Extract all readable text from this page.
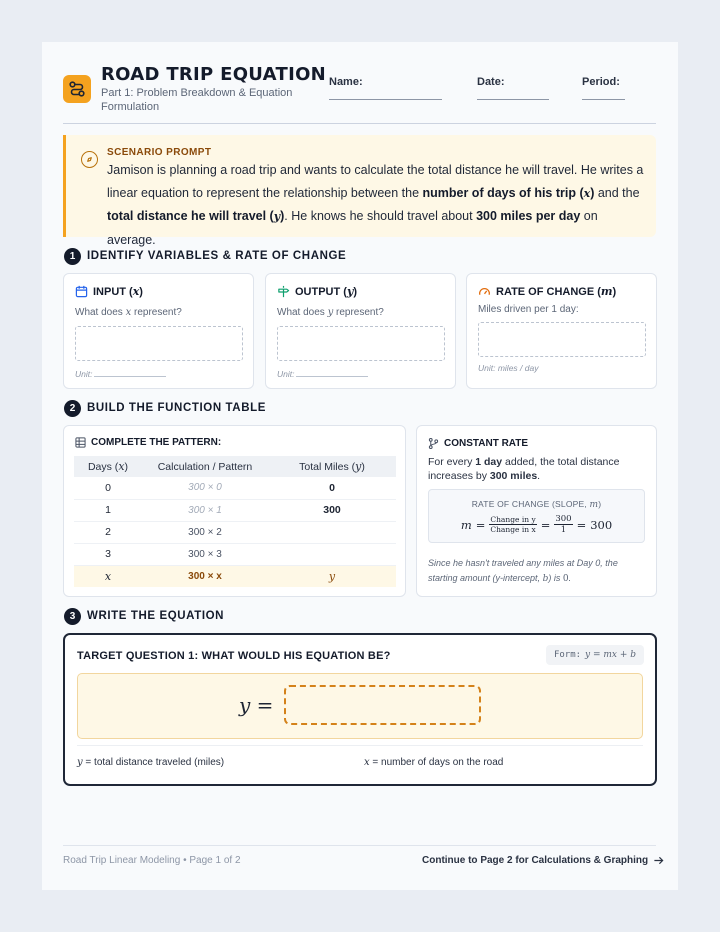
ROAD TRIP EQUATION
Part 1: Problem Breakdown & Equation Formulation
Name:	Date:	Period:
SCENARIO PROMPT
Jamison is planning a road trip and wants to calculate the total distance he will travel. He writes a linear equation to represent the relationship between the number of days of his trip (x) and the total distance he will travel (y). He knows he should travel about 300 miles per day on average.
1	IDENTIFY VARIABLES & RATE OF CHANGE
INPUT (x)
What does x represent?
Unit:
OUTPUT (y)
What does y represent?
Unit:
RATE OF CHANGE (m)
Miles driven per 1 day:
Unit: miles / day
2	BUILD THE FUNCTION TABLE
COMPLETE THE PATTERN:
Days (x)	Calculation / Pattern	Total Miles (y)
0	300 × 0	0
1	300 × 1	300
2	300 × 2	
3	300 × 3	
x	300 × x	y
CONSTANT RATE
For every 1 day added, the total distance increases by 300 miles.
RATE OF CHANGE (SLOPE, m)
m = Change in y
Change in $x = \frac{300}{1} = 300$
Since he hasn't traveled any miles at Day 0, the starting amount (y-intercept, b) is 0.
3	WRITE THE EQUATION
TARGET QUESTION 1: WHAT WOULD HIS EQUATION BE?	Form: y = mx + b
y =
y = total distance traveled (miles)	x = number of days on the road
Road Trip Linear Modeling • Page 1 of 2	Continue to Page 2 for Calculations & Graphing
